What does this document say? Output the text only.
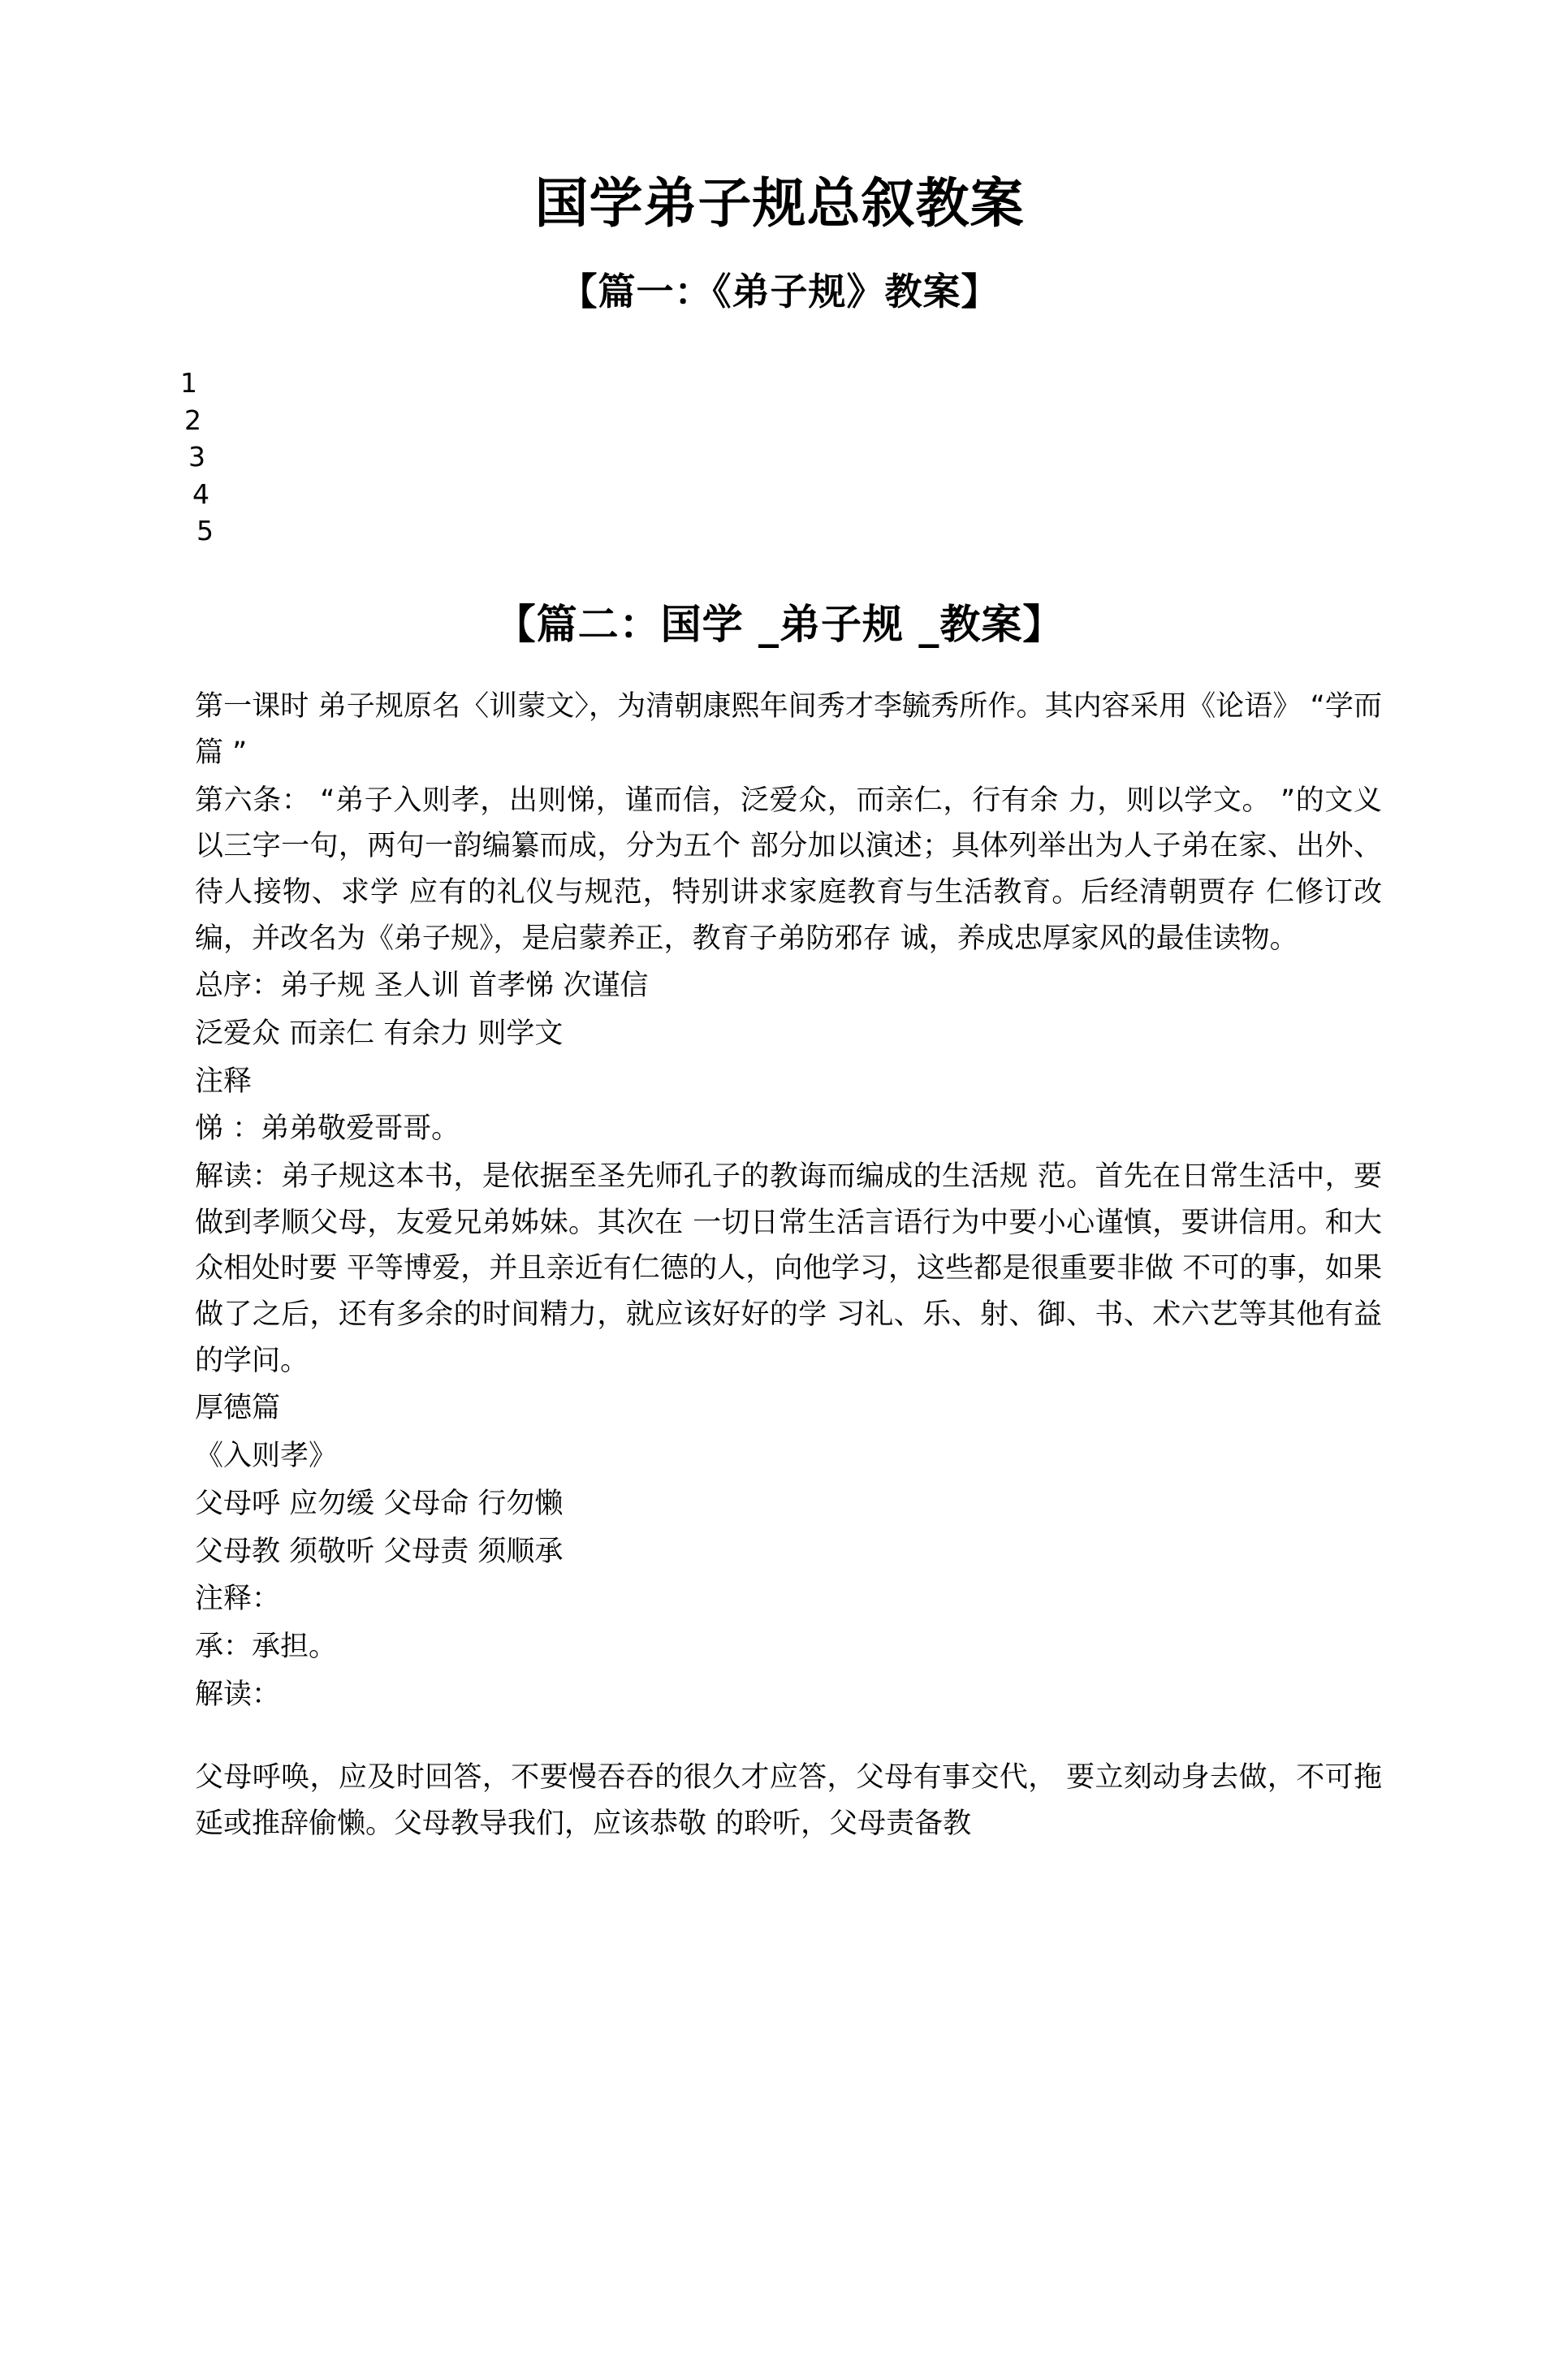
国学弟子规总叙教案
【篇一：《弟子规》教案】
1
2
3
4
5
【篇二：国学 _弟子规 _教案】

第一课时 弟子规原名〈训蒙文〉，为清朝康熙年间秀才李毓秀所作。其内容采用《论语》 “学而篇 ”

第六条： “弟子入则孝，出则悌，谨而信，泛爱众，而亲仁，行有余 力，则以学文。 ”的文义以三字一句，两句一韵编纂而成，分为五个 部分加以演述；具体列举出为人子弟在家、出外、待人接物、求学 应有的礼仪与规范，特别讲求家庭教育与生活教育。后经清朝贾存 仁修订改编，并改名为《弟子规》，是启蒙养正，教育子弟防邪存 诚，养成忠厚家风的最佳读物。

总序：弟子规 圣人训 首孝悌 次谨信

泛爱众 而亲仁 有余力 则学文

注释

悌 ：弟弟敬爱哥哥。

解读：弟子规这本书，是依据至圣先师孔子的教诲而编成的生活规 范。首先在日常生活中，要做到孝顺父母，友爱兄弟姊妹。其次在 一切日常生活言语行为中要小心谨慎，要讲信用。和大众相处时要 平等博爱，并且亲近有仁德的人，向他学习，这些都是很重要非做 不可的事，如果做了之后，还有多余的时间精力，就应该好好的学 习礼、乐、射、御、书、术六艺等其他有益的学问。

厚德篇

《入则孝》

父母呼 应勿缓 父母命 行勿懒

父母教 须敬听 父母责 须顺承

注释：

承：承担。

解读：

父母呼唤，应及时回答，不要慢吞吞的很久才应答，父母有事交代， 要立刻动身去做，不可拖延或推辞偷懒。父母教导我们，应该恭敬 的聆听，父母责备教
